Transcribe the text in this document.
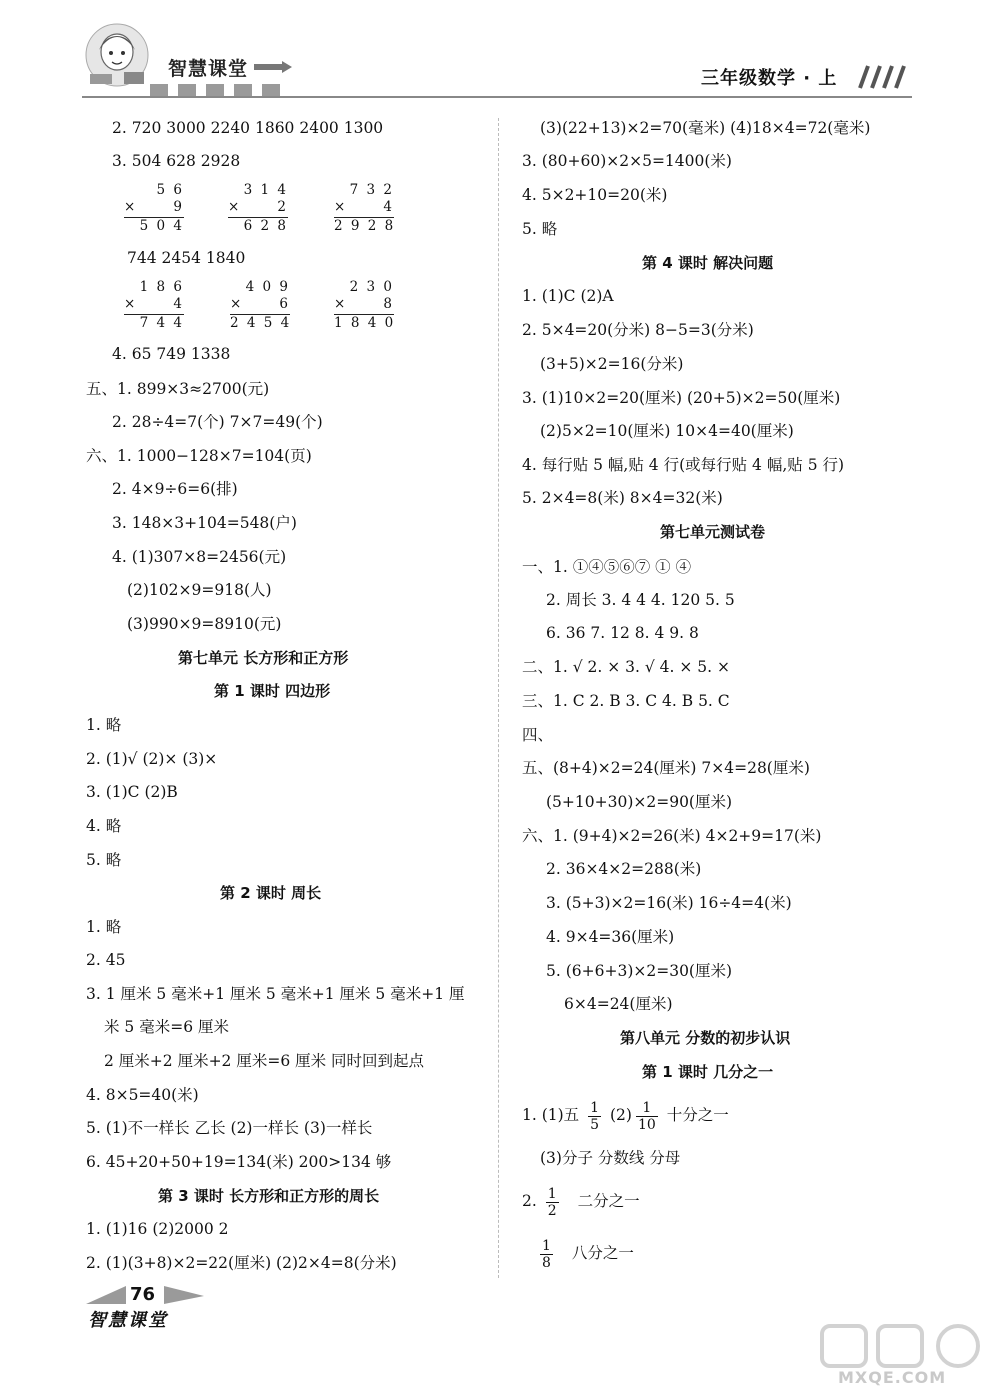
智慧课堂	三年级数学 · 上
2. 720 3000 2240 1860 2400 1300
3. 504 628 2928
5 6
×	9
5 0 4
3 1 4
×	2
6 2 8
7 3 2
×	4
2 9 2 8
744 2454 1840
1 8 6
×	4
7 4 4
4 0 9
×	6
2 4 5 4
2 3 0
×	8
1 8 4 0
4. 65 749 1338
五、1. 899×3≈2700(元)
2. 28÷4=7(个) 7×7=49(个)
六、1. 1000−128×7=104(页)
2. 4×9÷6=6(排)
3. 148×3+104=548(户)
4. (1)307×8=2456(元)
(2)102×9=918(人)
(3)990×9=8910(元)
第七单元 长方形和正方形
第 1 课时 四边形
1. 略
2. (1)√ (2)× (3)×
3. (1)C (2)B
4. 略
5. 略
第 2 课时 周长
1. 略
2. 45
3. 1 厘米 5 毫米+1 厘米 5 毫米+1 厘米 5 毫米+1 厘
米 5 毫米=6 厘米
2 厘米+2 厘米+2 厘米=6 厘米 同时回到起点
4. 8×5=40(米)
5. (1)不一样长 乙长 (2)一样长 (3)一样长
6. 45+20+50+19=134(米) 200>134 够
第 3 课时 长方形和正方形的周长
1. (1)16 (2)2000 2
2. (1)(3+8)×2=22(厘米) (2)2×4=8(分米)
(3)(22+13)×2=70(毫米) (4)18×4=72(毫米)
3. (80+60)×2×5=1400(米)
4. 5×2+10=20(米)
5. 略
第 4 课时 解决问题
1. (1)C (2)A
2. 5×4=20(分米) 8−5=3(分米)
(3+5)×2=16(分米)
3. (1)10×2=20(厘米) (20+5)×2=50(厘米)
(2)5×2=10(厘米) 10×4=40(厘米)
4. 每行贴 5 幅,贴 4 行(或每行贴 4 幅,贴 5 行)
5. 2×4=8(米) 8×4=32(米)
第七单元测试卷
一、1. ①④⑤⑥⑦ ① ④
2. 周长 3. 4 4 4. 120 5. 5
6. 36 7. 12 8. 4 9. 8
二、1. √ 2. × 3. √ 4. × 5. ×
三、1. C 2. B 3. C 4. B 5. C
四、
五、(8+4)×2=24(厘米) 7×4=28(厘米)
(5+10+30)×2=90(厘米)
六、1. (9+4)×2=26(米) 4×2+9=17(米)
2. 36×4×2=288(米)
3. (5+3)×2=16(米) 16÷4=4(米)
4. 9×4=36(厘米)
5. (6+6+3)×2=30(厘米)
6×4=24(厘米)
第八单元 分数的初步认识
第 1 课时 几分之一
1. (1)五 $\frac{1}{5} (2) \frac{1}{10}$ 十分之一
(3)分子 分数线 分母
2. $\frac{1}{2}$ 二分之一
$\frac{1}{8}$ 八分之一
76
智慧课堂
MXQE.COM
